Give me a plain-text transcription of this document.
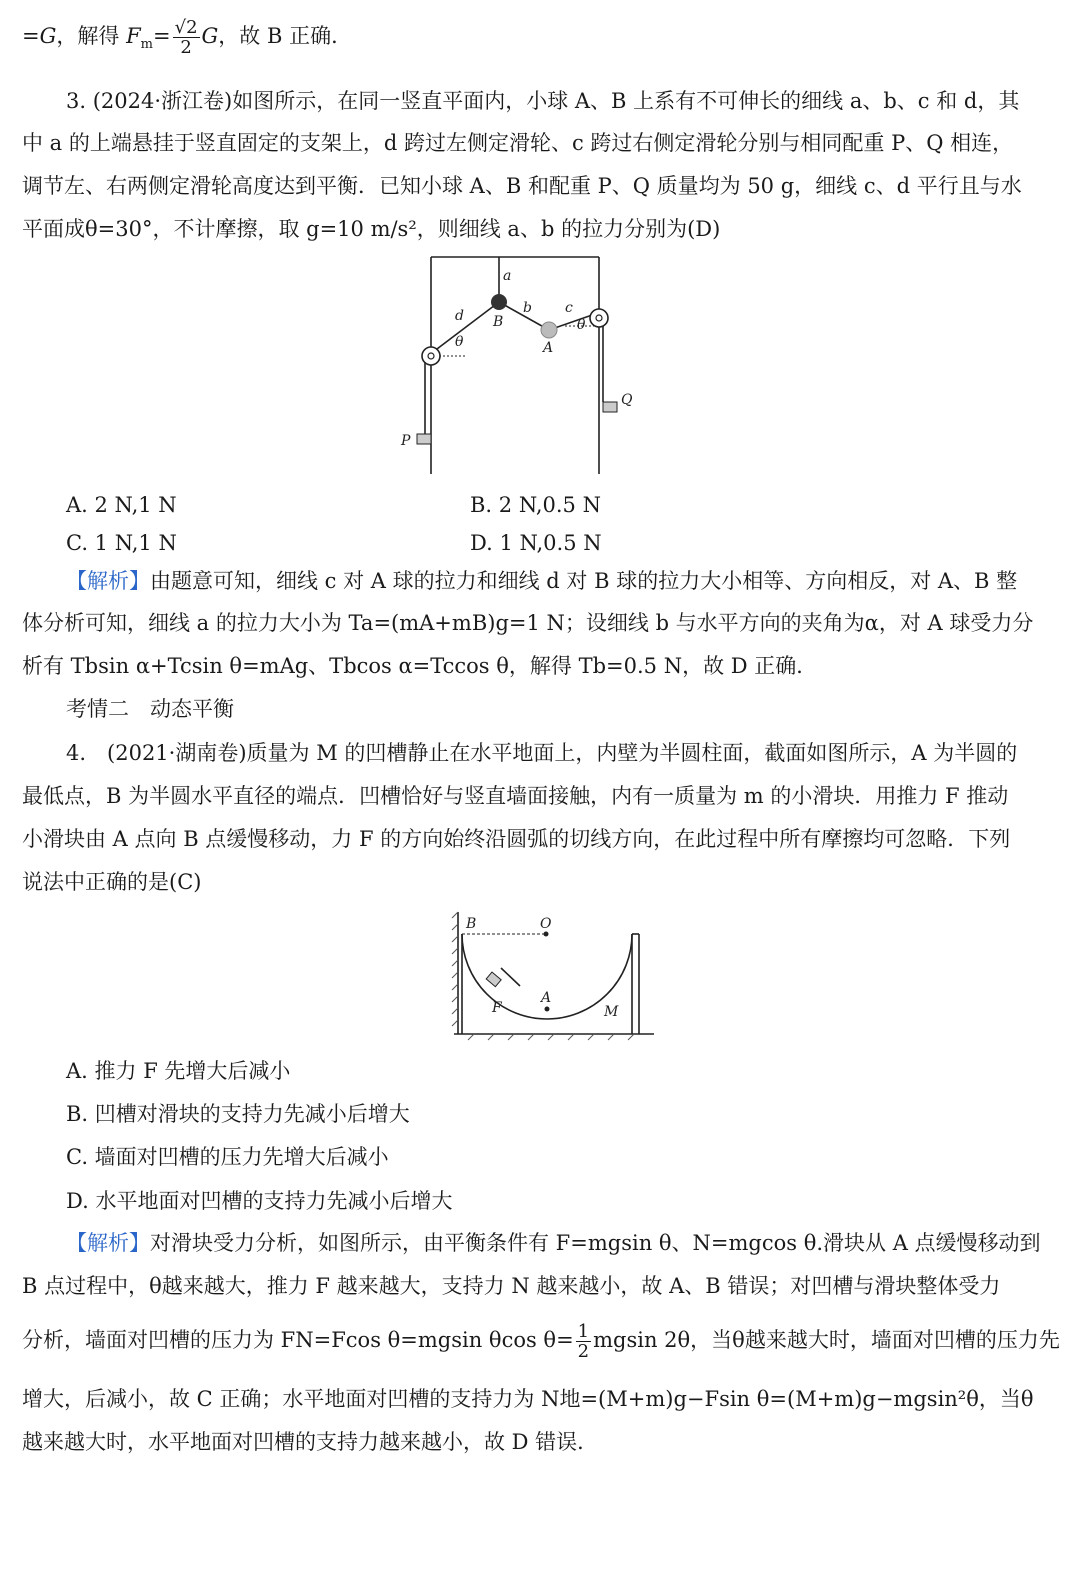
=G，解得 $F_m= \frac{√2}{2}$ G，故 B 正确．
3. (2024·浙江卷)如图所示，在同一竖直平面内，小球 A、B 上系有不可伸长的细线 a、b、c 和 d，其
中 a 的上端悬挂于竖直固定的支架上，d 跨过左侧定滑轮、c 跨过右侧定滑轮分别与相同配重 P、Q 相连，
调节左、右两侧定滑轮高度达到平衡．已知小球 A、B 和配重 P、Q 质量均为 50 g，细线 c、d 平行且与水
平面成θ=30°，不计摩擦，取 g=10 m/s²，则细线 a、b 的拉力分别为(D)
a
b c
d B
A
θ
θ
P
Q
A. 2 N,1 N	B. 2 N,0.5 N
C. 1 N,1 N	D. 1 N,0.5 N
【解析】由题意可知，细线 c 对 A 球的拉力和细线 d 对 B 球的拉力大小相等、方向相反，对 A、B 整
体分析可知，细线 a 的拉力大小为 Ta=(mA+mB)g=1 N；设细线 b 与水平方向的夹角为α，对 A 球受力分
析有 Tbsin α+Tcsin θ=mAg、Tbcos α=Tccos θ，解得 Tb=0.5 N，故 D 正确．
考情二　动态平衡
4.　(2021·湖南卷)质量为 M 的凹槽静止在水平地面上，内壁为半圆柱面，截面如图所示，A 为半圆的
最低点，B 为半圆水平直径的端点．凹槽恰好与竖直墙面接触，内有一质量为 m 的小滑块．用推力 F 推动
小滑块由 A 点向 B 点缓慢移动，力 F 的方向始终沿圆弧的切线方向，在此过程中所有摩擦均可忽略．下列
说法中正确的是(C)
B	O
A
F	M
A. 推力 F 先增大后减小
B. 凹槽对滑块的支持力先减小后增大
C. 墙面对凹槽的压力先增大后减小
D. 水平地面对凹槽的支持力先减小后增大
【解析】对滑块受力分析，如图所示，由平衡条件有 F=mgsin θ、N=mgcos θ.滑块从 A 点缓慢移动到
B 点过程中，θ越来越大，推力 F 越来越大，支持力 N 越来越小，故 A、B 错误；对凹槽与滑块整体受力
分析，墙面对凹槽的压力为 FN=Fcos θ=mgsin θcos $\theta= \frac{1}{2}$ mgsin 2θ，当θ越来越大时，墙面对凹槽的压力先
增大，后减小，故 C 正确；水平地面对凹槽的支持力为 N地=(M+m)g−Fsin θ=(M+m)g−mgsin²θ，当θ
越来越大时，水平地面对凹槽的支持力越来越小，故 D 错误．
